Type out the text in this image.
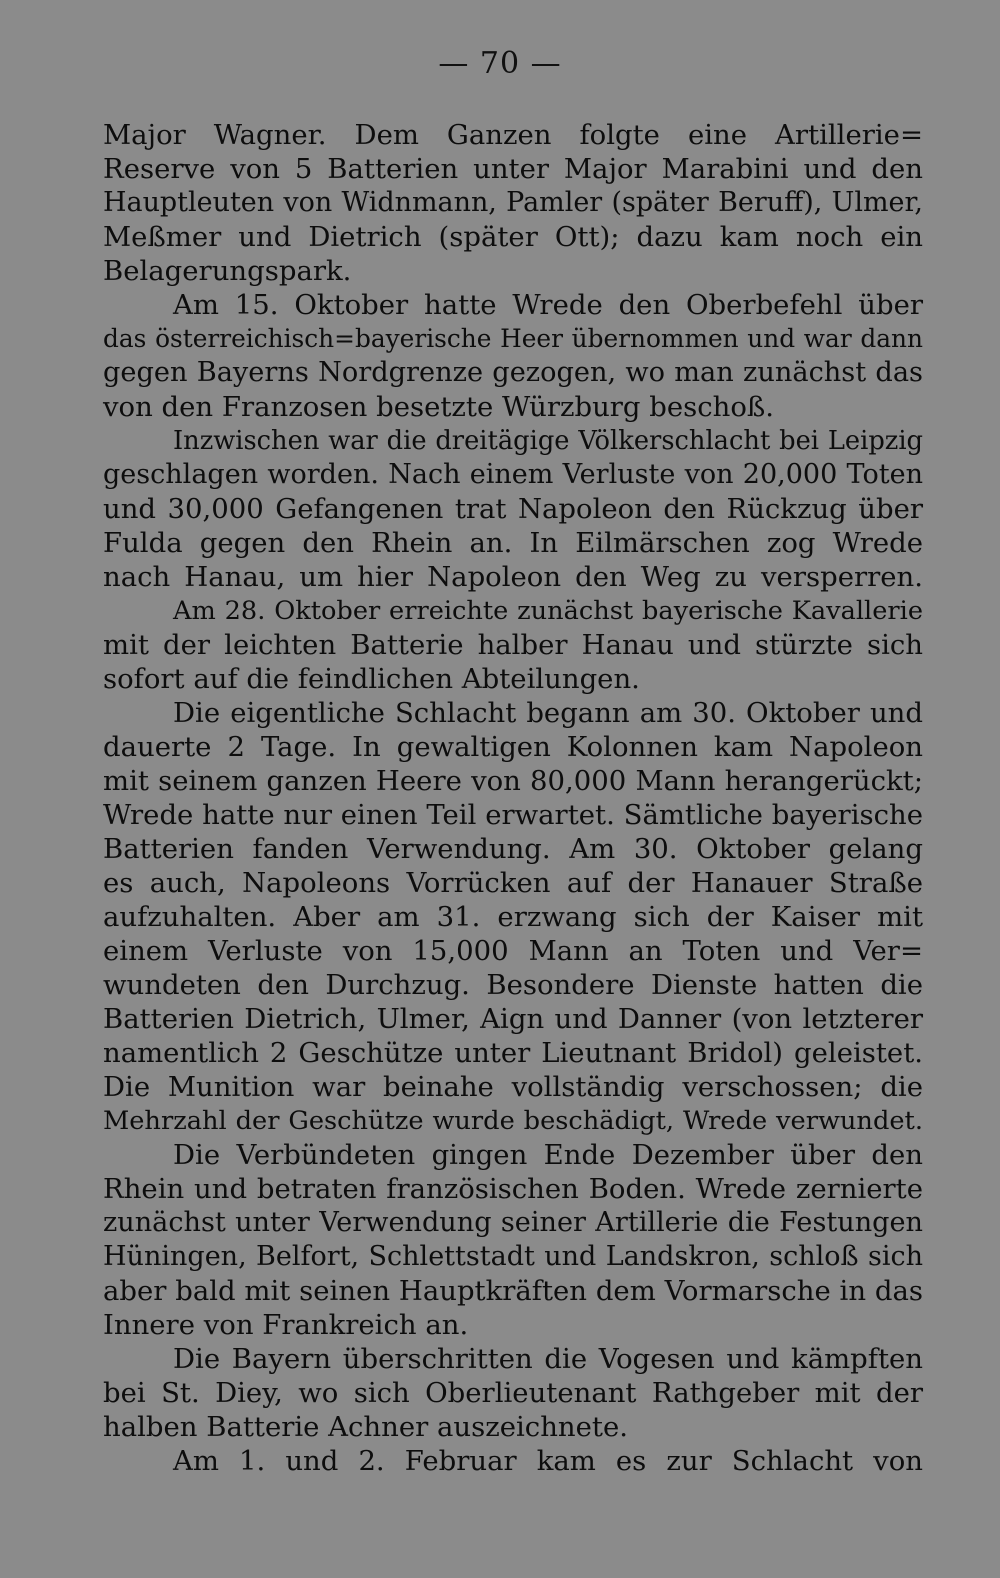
— 70 —
Major Wagner. Dem Ganzen folgte eine Artillerie=
Reserve von 5 Batterien unter Major Marabini und den
Hauptleuten von Widnmann, Pamler (später Beruff), Ulmer,
Meßmer und Dietrich (später Ott); dazu kam noch ein
Belagerungspark.
Am 15. Oktober hatte Wrede den Oberbefehl über
das österreichisch=bayerische Heer übernommen und war dann
gegen Bayerns Nordgrenze gezogen, wo man zunächst das
von den Franzosen besetzte Würzburg beschoß.
Inzwischen war die dreitägige Völkerschlacht bei Leipzig
geschlagen worden. Nach einem Verluste von 20,000 Toten
und 30,000 Gefangenen trat Napoleon den Rückzug über
Fulda gegen den Rhein an. In Eilmärschen zog Wrede
nach Hanau, um hier Napoleon den Weg zu versperren.
Am 28. Oktober erreichte zunächst bayerische Kavallerie
mit der leichten Batterie halber Hanau und stürzte sich
sofort auf die feindlichen Abteilungen.
Die eigentliche Schlacht begann am 30. Oktober und
dauerte 2 Tage. In gewaltigen Kolonnen kam Napoleon
mit seinem ganzen Heere von 80,000 Mann herangerückt;
Wrede hatte nur einen Teil erwartet. Sämtliche bayerische
Batterien fanden Verwendung. Am 30. Oktober gelang
es auch, Napoleons Vorrücken auf der Hanauer Straße
aufzuhalten. Aber am 31. erzwang sich der Kaiser mit
einem Verluste von 15,000 Mann an Toten und Ver=
wundeten den Durchzug. Besondere Dienste hatten die
Batterien Dietrich, Ulmer, Aign und Danner (von letzterer
namentlich 2 Geschütze unter Lieutnant Bridol) geleistet.
Die Munition war beinahe vollständig verschossen; die
Mehrzahl der Geschütze wurde beschädigt, Wrede verwundet.
Die Verbündeten gingen Ende Dezember über den
Rhein und betraten französischen Boden. Wrede zernierte
zunächst unter Verwendung seiner Artillerie die Festungen
Hüningen, Belfort, Schlettstadt und Landskron, schloß sich
aber bald mit seinen Hauptkräften dem Vormarsche in das
Innere von Frankreich an.
Die Bayern überschritten die Vogesen und kämpften
bei St. Diey, wo sich Oberlieutenant Rathgeber mit der
halben Batterie Achner auszeichnete.
Am 1. und 2. Februar kam es zur Schlacht von
